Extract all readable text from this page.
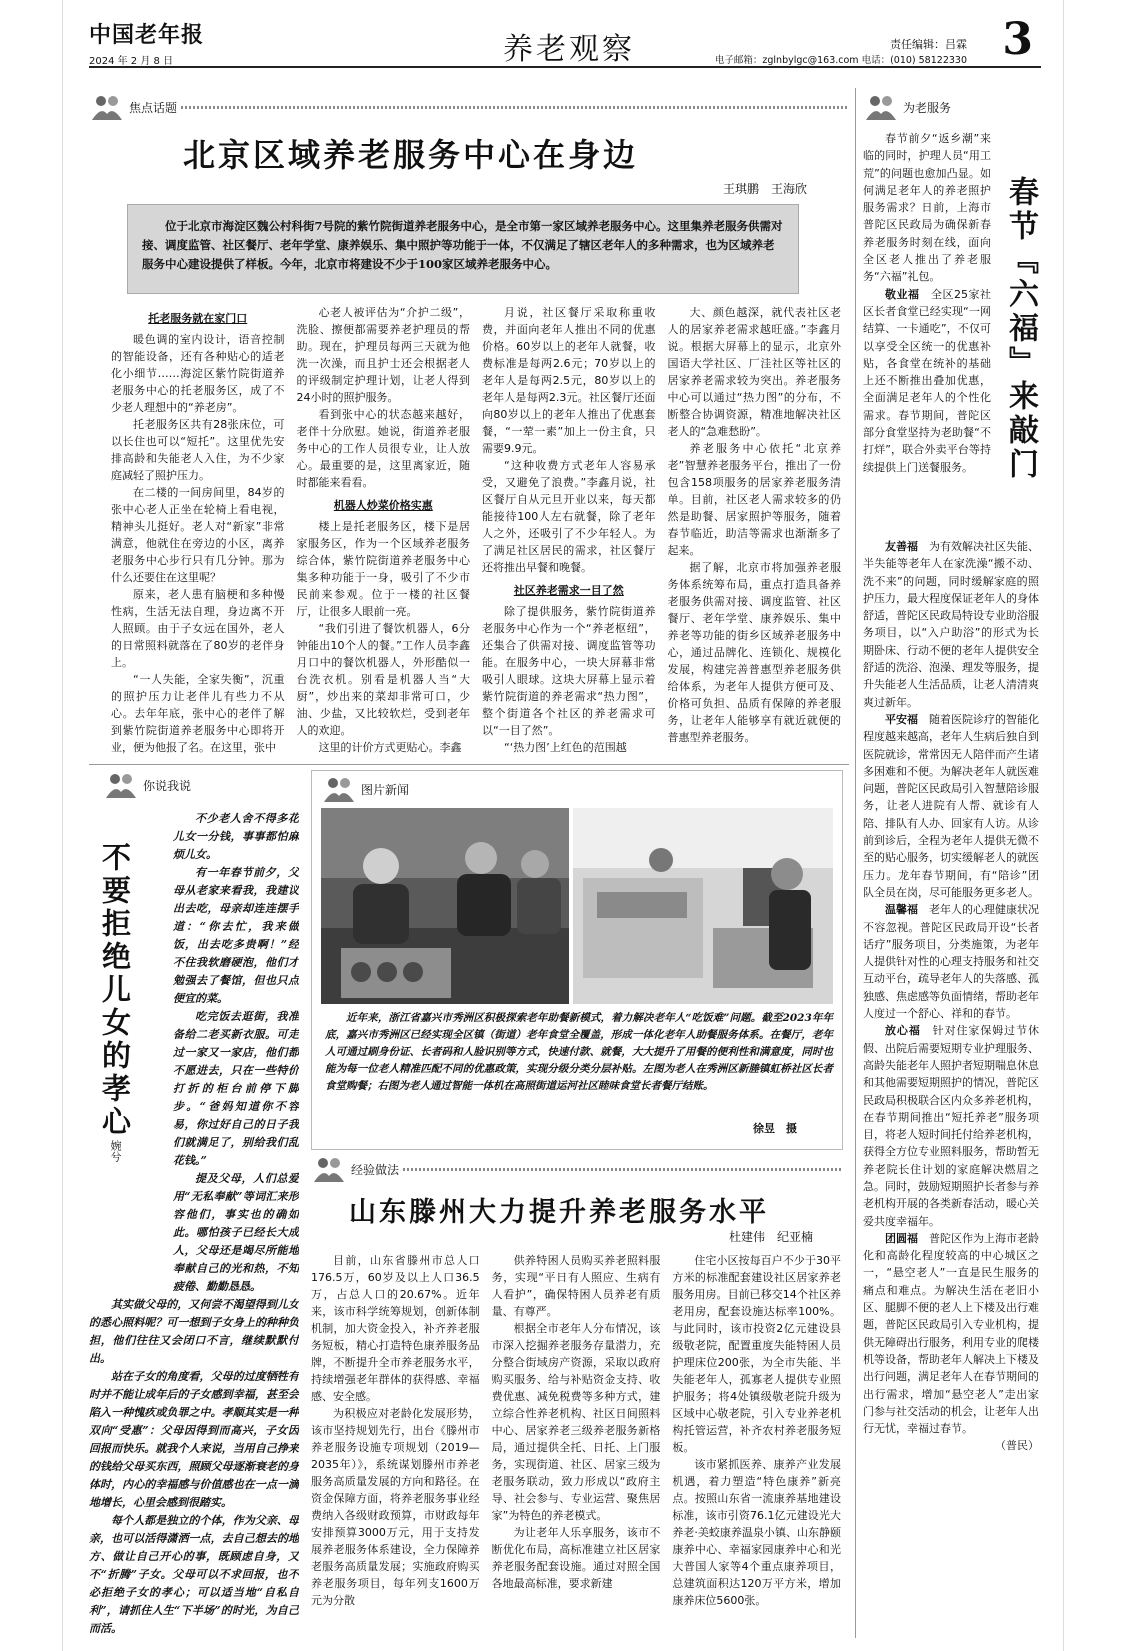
中国老年报
2024 年 2 月 8 日	养老观察	责任编辑：吕霖
电子邮箱：zglnbylgc@163.com 电话：(010) 58122330 3
焦点话题
北京区域养老服务中心在身边
王琪鹏　王海欣
位于北京市海淀区魏公村科街7号院的紫竹院街道养老服务中心，是全市第一家区域养老服务中心。这里集养老服务供需对接、调度监管、社区餐厅、老年学堂、康养娱乐、集中照护等功能于一体，不仅满足了辖区老年人的多种需求，也为区域养老服务中心建设提供了样板。今年，北京市将建设不少于100家区域养老服务中心。
托老服务就在家门口

暖色调的室内设计，语音控制的智能设备，还有各种贴心的适老化小细节……海淀区紫竹院街道养老服务中心的托老服务区，成了不少老人理想中的“养老房”。

托老服务区共有28张床位，可以长住也可以“短托”。这里优先安排高龄和失能老人入住，为不少家庭减轻了照护压力。

在二楼的一间房间里，84岁的张中心老人正坐在轮椅上看电视，精神头儿挺好。老人对“新家”非常满意，他就住在旁边的小区，离养老服务中心步行只有几分钟。那为什么还要住在这里呢？

原来，老人患有脑梗和多种慢性病，生活无法自理，身边离不开人照顾。由于子女远在国外，老人的日常照料就落在了80岁的老伴身上。

“一人失能，全家失衡”，沉重的照护压力让老伴儿有些力不从心。去年年底，张中心的老伴了解到紫竹院街道养老服务中心即将开业，便为他报了名。在这里，张中

心老人被评估为“介护二级”，洗脸、擦便都需要养老护理员的帮助。现在，护理员每两三天就为他洗一次澡，而且护士还会根据老人的评级制定护理计划，让老人得到24小时的照护服务。

看到张中心的状态越来越好，老伴十分欣慰。她说，街道养老服务中心的工作人员很专业，让人放心。最重要的是，这里离家近，随时都能来看看。

机器人炒菜价格实惠

楼上是托老服务区，楼下是居家服务区，作为一个区域养老服务综合体，紫竹院街道养老服务中心集多种功能于一身，吸引了不少市民前来参观。位于一楼的社区餐厅，让很多人眼前一亮。

“我们引进了餐饮机器人，6分钟能出10个人的餐。”工作人员李鑫月口中的餐饮机器人，外形酷似一台洗衣机。别看是机器人当“大厨”，炒出来的菜却非常可口，少油、少盐，又比较软烂，受到老年人的欢迎。

这里的计价方式更贴心。李鑫

月说，社区餐厅采取称重收费，并面向老年人推出不同的优惠价格。60岁以上的老年人就餐，收费标准是每两2.6元；70岁以上的老年人是每两2.5元，80岁以上的老年人是每两2.3元。社区餐厅还面向80岁以上的老年人推出了优惠套餐，“一荤一素”加上一份主食，只需要9.9元。

“这种收费方式老年人容易承受，又避免了浪费。”李鑫月说，社区餐厅自从元旦开业以来，每天都能接待100人左右就餐，除了老年人之外，还吸引了不少年轻人。为了满足社区居民的需求，社区餐厅还将推出早餐和晚餐。

社区养老需求一目了然

除了提供服务，紫竹院街道养老服务中心作为一个“养老枢纽”，还集合了供需对接、调度监管等功能。在服务中心，一块大屏幕非常吸引人眼球。这块大屏幕上显示着紫竹院街道的养老需求“热力图”，整个街道各个社区的养老需求可以“一目了然”。

“‘热力图’上红色的范围越

大、颜色越深，就代表社区老人的居家养老需求越旺盛。”李鑫月说。根据大屏幕上的显示，北京外国语大学社区、厂洼社区等社区的居家养老需求较为突出。养老服务中心可以通过“热力图”的分布，不断整合协调资源，精准地解决社区老人的“急难愁盼”。

养老服务中心依托“北京养老”智慧养老服务平台，推出了一份包含158项服务的居家养老服务清单。目前，社区老人需求较多的仍然是助餐、居家照护等服务，随着春节临近，助洁等需求也渐渐多了起来。

据了解，北京市将加强养老服务体系统筹布局，重点打造具备养老服务供需对接、调度监管、社区餐厅、老年学堂、康养娱乐、集中养老等功能的街乡区域养老服务中心，通过品牌化、连锁化、规模化发展，构建完善普惠型养老服务供给体系，为老年人提供方便可及、价格可负担、品质有保障的养老服务，让老年人能够享有就近就便的普惠型养老服务。

为老服务

春节前夕“返乡潮”来临的同时，护理人员“用工荒”的问题也愈加凸显。如何满足老年人的养老照护服务需求？日前，上海市普陀区民政局为确保新春养老服务时刻在线，面向全区老人推出了养老服务“六福”礼包。

敬业福　全区25家社区长者食堂已经实现“一网结算、一卡通吃”，不仅可以享受全区统一的优惠补贴，各食堂在统补的基础上还不断推出叠加优惠，全面满足老年人的个性化需求。春节期间，普陀区部分食堂坚持为老助餐“不打烊”，联合外卖平台等持续提供上门送餐服务。	春节『六福』来敲门

友善福　为有效解决社区失能、半失能等老年人在家洗澡“搬不动、洗不来”的问题，同时缓解家庭的照护压力，最大程度保证老年人的身体舒适，普陀区民政局特设专业助浴服务项目，以“入户助浴”的形式为长期卧床、行动不便的老年人提供安全舒适的洗浴、泡澡、理发等服务，提升失能老人生活品质，让老人清清爽爽过新年。

平安福　随着医院诊疗的智能化程度越来越高，老年人生病后独自到医院就诊，常常因无人陪伴而产生诸多困难和不便。为解决老年人就医难问题，普陀区民政局引入智慧陪诊服务，让老人进院有人帮、就诊有人陪、排队有人办、回家有人访。从诊前到诊后，全程为老年人提供无微不至的贴心服务，切实缓解老人的就医压力。龙年春节期间，有“陪诊”团队全员在岗，尽可能服务更多老人。

温馨福　老年人的心理健康状况不容忽视。普陀区民政局开设“长者话疗”服务项目，分类施策，为老年人提供针对性的心理支持服务和社交互动平台，疏导老年人的失落感、孤独感、焦虑感等负面情绪，帮助老年人度过一个舒心、祥和的春节。

放心福　针对住家保姆过节休假、出院后需要短期专业护理服务、高龄失能老年人照护者短期喘息休息和其他需要短期照护的情况，普陀区民政局积极联合区内众多养老机构，在春节期间推出“短托养老”服务项目，将老人短时间托付给养老机构，获得全方位专业照料服务，帮助暂无养老院长住计划的家庭解决燃眉之急。同时，鼓励短期照护长者参与养老机构开展的各类新春活动，暖心关爱共度幸福年。

团圆福　普陀区作为上海市老龄化和高龄化程度较高的中心城区之一，“悬空老人”一直是民生服务的痛点和难点。为解决生活在老旧小区、腿脚不便的老人上下楼及出行难题，普陀区民政局引入专业机构，提供无障碍出行服务，利用专业的爬楼机等设备，帮助老年人解决上下楼及出行问题，满足老年人在春节期间的出行需求，增加“悬空老人”走出家门参与社交活动的机会，让老年人出行无忧，幸福过春节。

（普民）

你说我说
不要拒绝儿女的孝心
婉兮

不少老人舍不得多花儿女一分钱，事事都怕麻烦儿女。

有一年春节前夕，父母从老家来看我，我建议出去吃，母亲却连连摆手道：“你去忙，我来做饭，出去吃多贵啊！”经不住我软磨硬泡，他们才勉强去了餐馆，但也只点便宜的菜。

吃完饭去逛街，我准备给二老买新衣服。可走过一家又一家店，他们都不愿进去，只在一些特价打折的柜台前停下脚步。“爸妈知道你不容易，你过好自己的日子我们就满足了，别给我们乱花钱。”

提及父母，人们总爱用“无私奉献”等词汇来形容他们，事实也的确如此。哪怕孩子已经长大成人，父母还是竭尽所能地奉献自己的光和热，不知疲倦、勤勤恳恳。

其实做父母的，又何尝不渴望得到儿女的悉心照料呢？可一想到子女身上的种种负担，他们往往又会闭口不言，继续默默付出。

站在子女的角度看，父母的过度牺牲有时并不能让成年后的子女感到幸福，甚至会陷入一种愧疚或负罪之中。孝顺其实是一种双向“受惠”：父母因得到而高兴，子女因回报而快乐。就我个人来说，当用自己挣来的钱给父母买东西，照顾父母逐渐衰老的身体时，内心的幸福感与价值感也在一点一滴地增长，心里会感到很踏实。

每个人都是独立的个体，作为父亲、母亲，也可以活得潇洒一点，去自己想去的地方、做让自己开心的事，既顾虑自身，又不“折腾”子女。父母可以不求回报，也不必拒绝子女的孝心；可以适当地“自私自利”，请抓住人生“下半场”的时光，为自己而活。

图片新闻
近年来，浙江省嘉兴市秀洲区积极探索老年助餐新模式，着力解决老年人“吃饭难”问题。截至2023年年底，嘉兴市秀洲区已经实现全区镇（街道）老年食堂全覆盖，形成一体化老年人助餐服务体系。在餐厅，老年人可通过刷身份证、长者码和人脸识别等方式，快速付款、就餐，大大提升了用餐的便利性和满意度，同时也能为每一位老人精准匹配不同的优惠政策，实现分级分类分层补贴。左图为老人在秀洲区新塍镇虹桥社区长者食堂购餐；右图为老人通过智能一体机在高照街道运河社区睦味食堂长者餐厅结账。
徐昱　摄
经验做法
山东滕州大力提升养老服务水平
杜建伟　纪亚楠

目前，山东省滕州市总人口176.5万，60岁及以上人口36.5万，占总人口的20.67%。近年来，该市科学统筹规划，创新体制机制，加大资金投入，补齐养老服务短板，精心打造特色康养服务品牌，不断提升全市养老服务水平，持续增强老年群体的获得感、幸福感、安全感。

为积极应对老龄化发展形势，该市坚持规划先行，出台《滕州市养老服务设施专项规划（2019—2035年）》，系统谋划滕州市养老服务高质量发展的方向和路径。在资金保障方面，将养老服务事业经费纳入各级财政预算，市财政每年安排预算3000万元，用于支持发展养老服务体系建设，全力保障养老服务高质量发展；实施政府购买养老服务项目，每年列支1600万元为分散

供养特困人员购买养老照料服务，实现“平日有人照应、生病有人看护”，确保特困人员养老有质量、有尊严。

根据全市老年人分布情况，该市深入挖掘养老服务存量潜力，充分整合街域房产资源，采取以政府购买服务、给与补贴资金支持、收费优惠、减免税费等多种方式，建立综合性养老机构、社区日间照料中心、居家养老三级养老服务新格局，通过提供全托、日托、上门服务，实现街道、社区、居家三级为老服务联动，致力形成以“政府主导、社会参与、专业运营、聚焦居家”为特色的养老模式。

为让老年人乐享服务，该市不断优化布局，高标准建立社区居家养老服务配套设施。通过对照全国各地最高标准，要求新建

住宅小区按每百户不少于30平方米的标准配套建设社区居家养老服务用房。目前已移交14个社区养老用房，配套设施达标率100%。与此同时，该市投资2亿元建设县级敬老院，配置重度失能特困人员护理床位200张，为全市失能、半失能老年人，孤寡老人提供专业照护服务；将4处镇级敬老院升级为区域中心敬老院，引入专业养老机构托管运营，补齐农村养老服务短板。

该市紧抓医养、康养产业发展机遇，着力塑造“特色康养”新亮点。按照山东省一流康养基地建设标准，该市引资76.1亿元建设光大养老·美蛟康养温泉小镇、山东静颐康养中心、幸福家园康养中心和光大普国人家等4个重点康养项目，总建筑面积达120万平方米，增加康养床位5600张。
